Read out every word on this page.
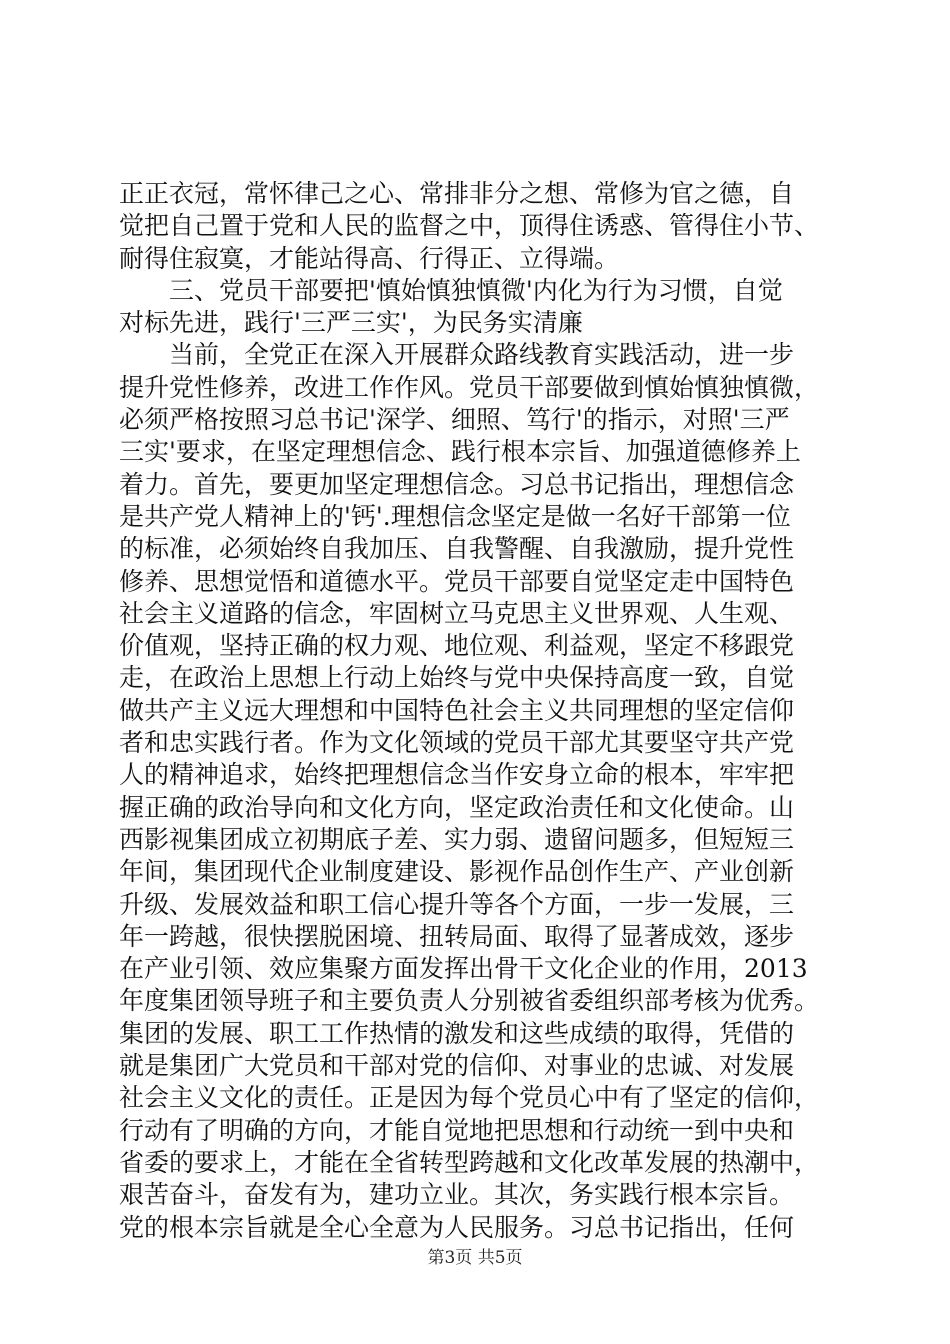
正正衣冠，常怀律己之心、常排非分之想、常修为官之德，自
觉把自己置于党和人民的监督之中，顶得住诱惑、管得住小节、
耐得住寂寞，才能站得高、行得正、立得端。
　　三、党员干部要把'慎始慎独慎微'内化为行为习惯，自觉
对标先进，践行'三严三实'，为民务实清廉
　　当前，全党正在深入开展群众路线教育实践活动，进一步
提升党性修养，改进工作作风。党员干部要做到慎始慎独慎微，
必须严格按照习总书记'深学、细照、笃行'的指示，对照'三严
三实'要求，在坚定理想信念、践行根本宗旨、加强道德修养上
着力。首先，要更加坚定理想信念。习总书记指出，理想信念
是共产党人精神上的'钙'.理想信念坚定是做一名好干部第一位
的标准，必须始终自我加压、自我警醒、自我激励，提升党性
修养、思想觉悟和道德水平。党员干部要自觉坚定走中国特色
社会主义道路的信念，牢固树立马克思主义世界观、人生观、
价值观，坚持正确的权力观、地位观、利益观，坚定不移跟党
走，在政治上思想上行动上始终与党中央保持高度一致，自觉
做共产主义远大理想和中国特色社会主义共同理想的坚定信仰
者和忠实践行者。作为文化领域的党员干部尤其要坚守共产党
人的精神追求，始终把理想信念当作安身立命的根本，牢牢把
握正确的政治导向和文化方向，坚定政治责任和文化使命。山
西影视集团成立初期底子差、实力弱、遗留问题多，但短短三
年间，集团现代企业制度建设、影视作品创作生产、产业创新
升级、发展效益和职工信心提升等各个方面，一步一发展，三
年一跨越，很快摆脱困境、扭转局面、取得了显著成效，逐步
在产业引领、效应集聚方面发挥出骨干文化企业的作用，2013
年度集团领导班子和主要负责人分别被省委组织部考核为优秀。
集团的发展、职工工作热情的激发和这些成绩的取得，凭借的
就是集团广大党员和干部对党的信仰、对事业的忠诚、对发展
社会主义文化的责任。正是因为每个党员心中有了坚定的信仰，
行动有了明确的方向，才能自觉地把思想和行动统一到中央和
省委的要求上，才能在全省转型跨越和文化改革发展的热潮中，
艰苦奋斗，奋发有为，建功立业。其次，务实践行根本宗旨。
党的根本宗旨就是全心全意为人民服务。习总书记指出，任何
第3页 共5页
